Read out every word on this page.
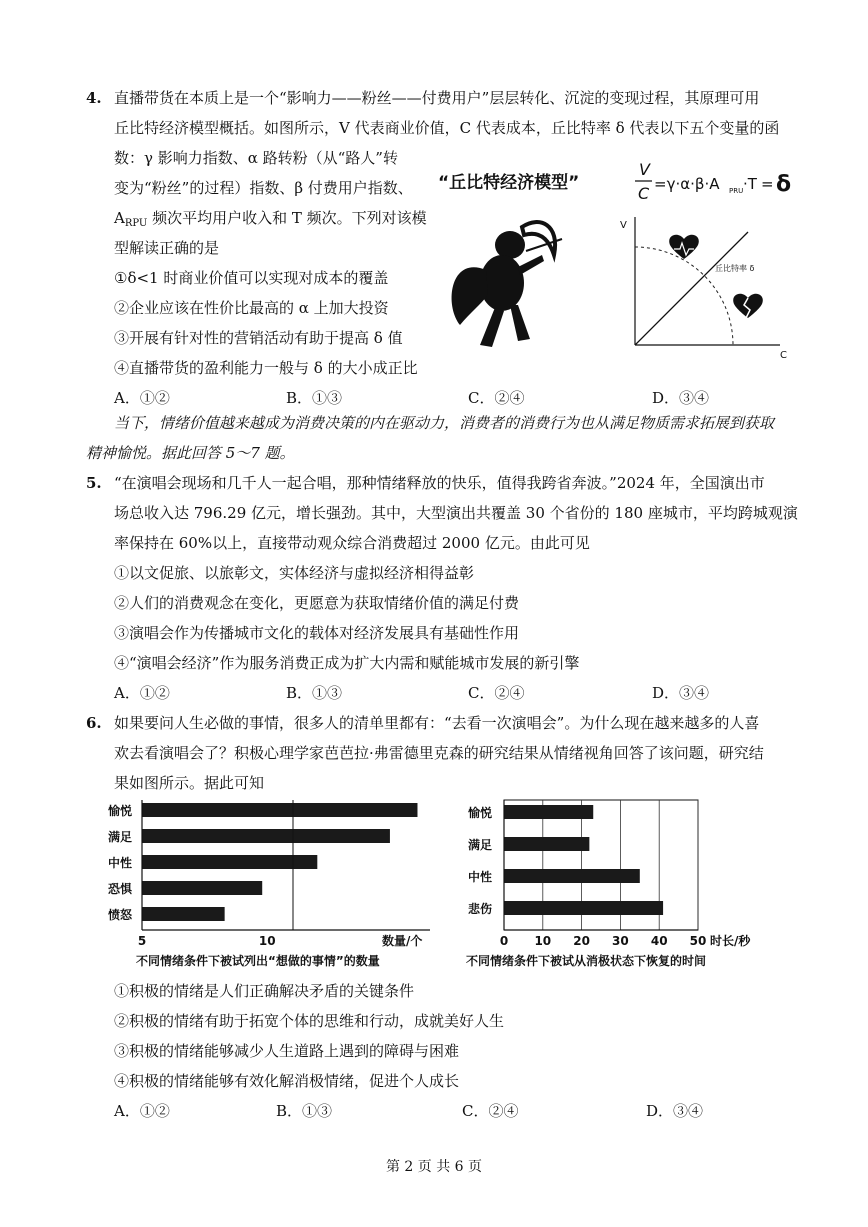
4. 直播带货在本质上是一个“影响力——粉丝——付费用户”层层转化、沉淀的变现过程，其原理可用
丘比特经济模型概括。如图所示，V 代表商业价值，C 代表成本，丘比特率 δ 代表以下五个变量的函
数：γ 影响力指数、α 路转粉（从“路人”转
变为“粉丝”的过程）指数、β 付费用户指数、
$A_{RPU}$ 频次平均用户收入和 T 频次。下列对该模
型解读正确的是
①δ<1 时商业价值可以实现对成本的覆盖
②企业应该在性价比最高的 α 上加大投资
③开展有针对性的营销活动有助于提高 δ 值
④直播带货的盈利能力一般与 δ 的大小成正比
A．①②	B．①③	C．②④	D．③④
“丘比特经济模型”
V
C =γ·α·β·A PRU ·T = δ
V
C
丘比特率 δ
当下，情绪价值越来越成为消费决策的内在驱动力，消费者的消费行为也从满足物质需求拓展到获取
精神愉悦。据此回答 5～7 题。
5. “在演唱会现场和几千人一起合唱，那种情绪释放的快乐，值得我跨省奔波。”2024 年，全国演出市
场总收入达 796.29 亿元，增长强劲。其中，大型演出共覆盖 30 个省份的 180 座城市，平均跨城观演
率保持在 60%以上，直接带动观众综合消费超过 2000 亿元。由此可见
①以文促旅、以旅彰文，实体经济与虚拟经济相得益彰
②人们的消费观念在变化，更愿意为获取情绪价值的满足付费
③演唱会作为传播城市文化的载体对经济发展具有基础性作用
④“演唱会经济”作为服务消费正成为扩大内需和赋能城市发展的新引擎
A．①②	B．①③	C．②④	D．③④
6. 如果要问人生必做的事情，很多人的清单里都有：“去看一次演唱会”。为什么现在越来越多的人喜
欢去看演唱会了？积极心理学家芭芭拉·弗雷德里克森的研究结果从情绪视角回答了该问题，研究结
果如图所示。据此可知
愉悦
满足
中性
恐惧
愤怒
5	10	数量/个
不同情绪条件下被试列出“想做的事情”的数量
愉悦
满足
中性
悲伤
0 10 20 30 40 50 时长/秒
不同情绪条件下被试从消极状态下恢复的时间
①积极的情绪是人们正确解决矛盾的关键条件
②积极的情绪有助于拓宽个体的思维和行动，成就美好人生
③积极的情绪能够减少人生道路上遇到的障碍与困难
④积极的情绪能够有效化解消极情绪，促进个人成长
A．①②	B．①③	C．②④	D．③④
第 2 页 共 6 页
